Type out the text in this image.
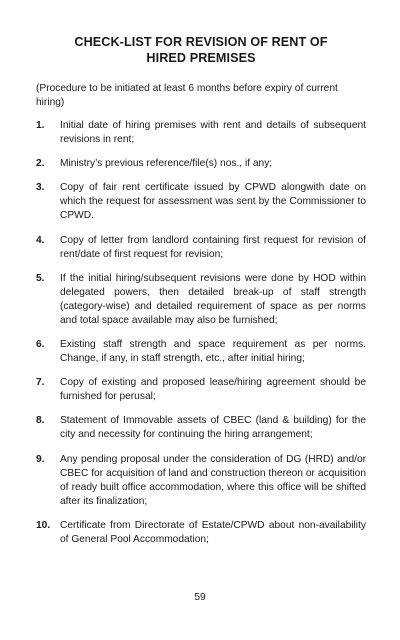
CHECK-LIST FOR REVISION OF RENT OF
HIRED PREMISES

(Procedure to be initiated at least 6 months before expiry of current hiring)

1.	Initial date of hiring premises with rent and details of subsequent revisions in rent;
2.	Ministry’s previous reference/file(s) nos., if any;
3.	Copy of fair rent certificate issued by CPWD alongwith date on which the request for assessment was sent by the Commissioner to CPWD.
4.	Copy of letter from landlord containing first request for revision of rent/date of first request for revision;
5.	If the initial hiring/subsequent revisions were done by HOD within delegated powers, then detailed break-up of staff strength (category-wise) and detailed requirement of space as per norms and total space available may also be furnished;
6.	Existing staff strength and space requirement as per norms. Change, if any, in staff strength, etc., after initial hiring;
7.	Copy of existing and proposed lease/hiring agreement should be furnished for perusal;
8.	Statement of Immovable assets of CBEC (land & building) for the city and necessity for continuing the hiring arrangement;
9.	Any pending proposal under the consideration of DG (HRD) and/or CBEC for acquisition of land and construction thereon or acquisition of ready built office accommodation, where this office will be shifted after its finalization;
10. Certificate from Directorate of Estate/CPWD about non-availability of General Pool Accommodation;
59
